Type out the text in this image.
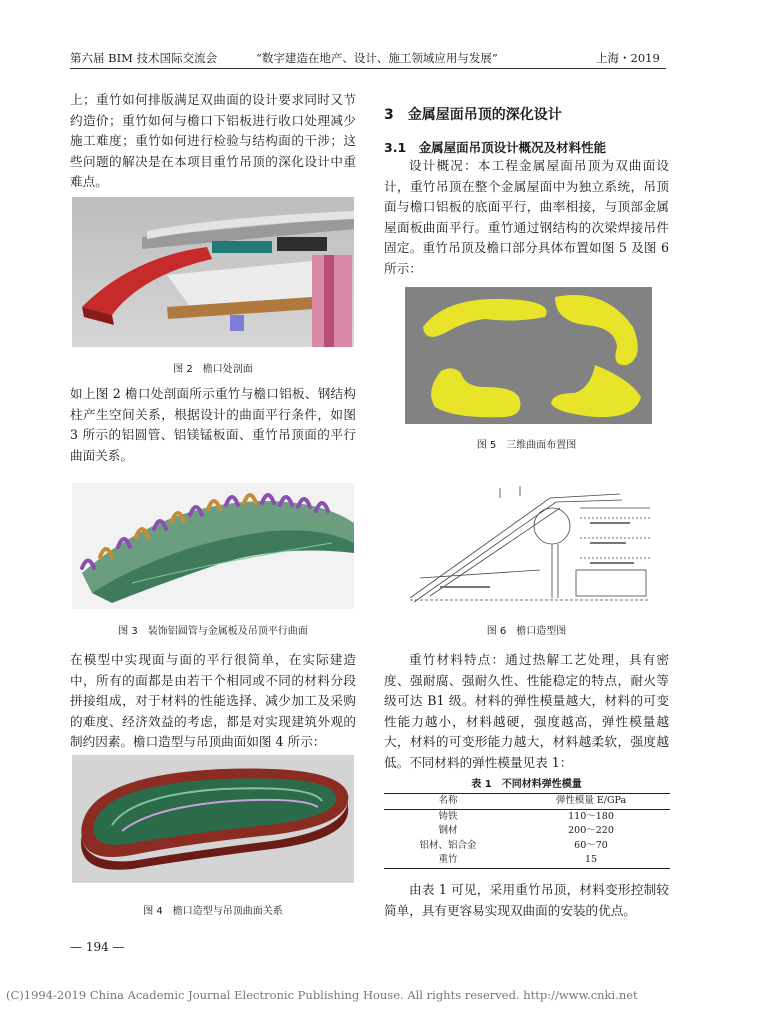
第六届 BIM 技术国际交流会	“数字建造在地产、设计、施工领域应用与发展”	上海・2019
上；重竹如何排版满足双曲面的设计要求同时又节约造价；重竹如何与檐口下铝板进行收口处理减少施工难度；重竹如何进行检验与结构面的干涉；这些问题的解决是在本项目重竹吊顶的深化设计中重难点。
图 2　檐口处剖面
如上图 2 檐口处剖面所示重竹与檐口铝板、钢结构柱产生空间关系，根据设计的曲面平行条件，如图 3 所示的铝圆管、铝镁锰板面、重竹吊顶面的平行曲面关系。
图 3　装饰铝圆管与金属板及吊顶平行曲面
在模型中实现面与面的平行很简单，在实际建造中，所有的面都是由若干个相同或不同的材料分段拼接组成，对于材料的性能选择、减少加工及采购的难度、经济效益的考虑，都是对实现建筑外观的制约因素。檐口造型与吊顶曲面如图 4 所示：
图 4　檐口造型与吊顶曲面关系
— 194 —
3　金属屋面吊顶的深化设计
3.1　金属屋面吊顶设计概况及材料性能
设计概况：本工程金属屋面吊顶为双曲面设计，重竹吊顶在整个金属屋面中为独立系统，吊顶面与檐口铝板的底面平行，曲率相接，与顶部金属屋面板曲面平行。重竹通过钢结构的次梁焊接吊件固定。重竹吊顶及檐口部分具体布置如图 5 及图 6 所示：
图 5　三维曲面布置图
图 6　檐口造型图
重竹材料特点：通过热解工艺处理，具有密度、强耐腐、强耐久性、性能稳定的特点，耐火等级可达 B1 级。材料的弹性模量越大，材料的可变性能力越小，材料越硬，强度越高，弹性模量越大，材料的可变形能力越大，材料越柔软，强度越低。不同材料的弹性模量见表 1：
表 1　不同材料弹性模量
名称	弹性模量 E/GPa
铸铁	110～180
钢材	200～220
铝材、铝合金	60～70
重竹	15
由表 1 可见，采用重竹吊顶，材料变形控制较简单，具有更容易实现双曲面的安装的优点。
(C)1994-2019 China Academic Journal Electronic Publishing House. All rights reserved. http://www.cnki.net
